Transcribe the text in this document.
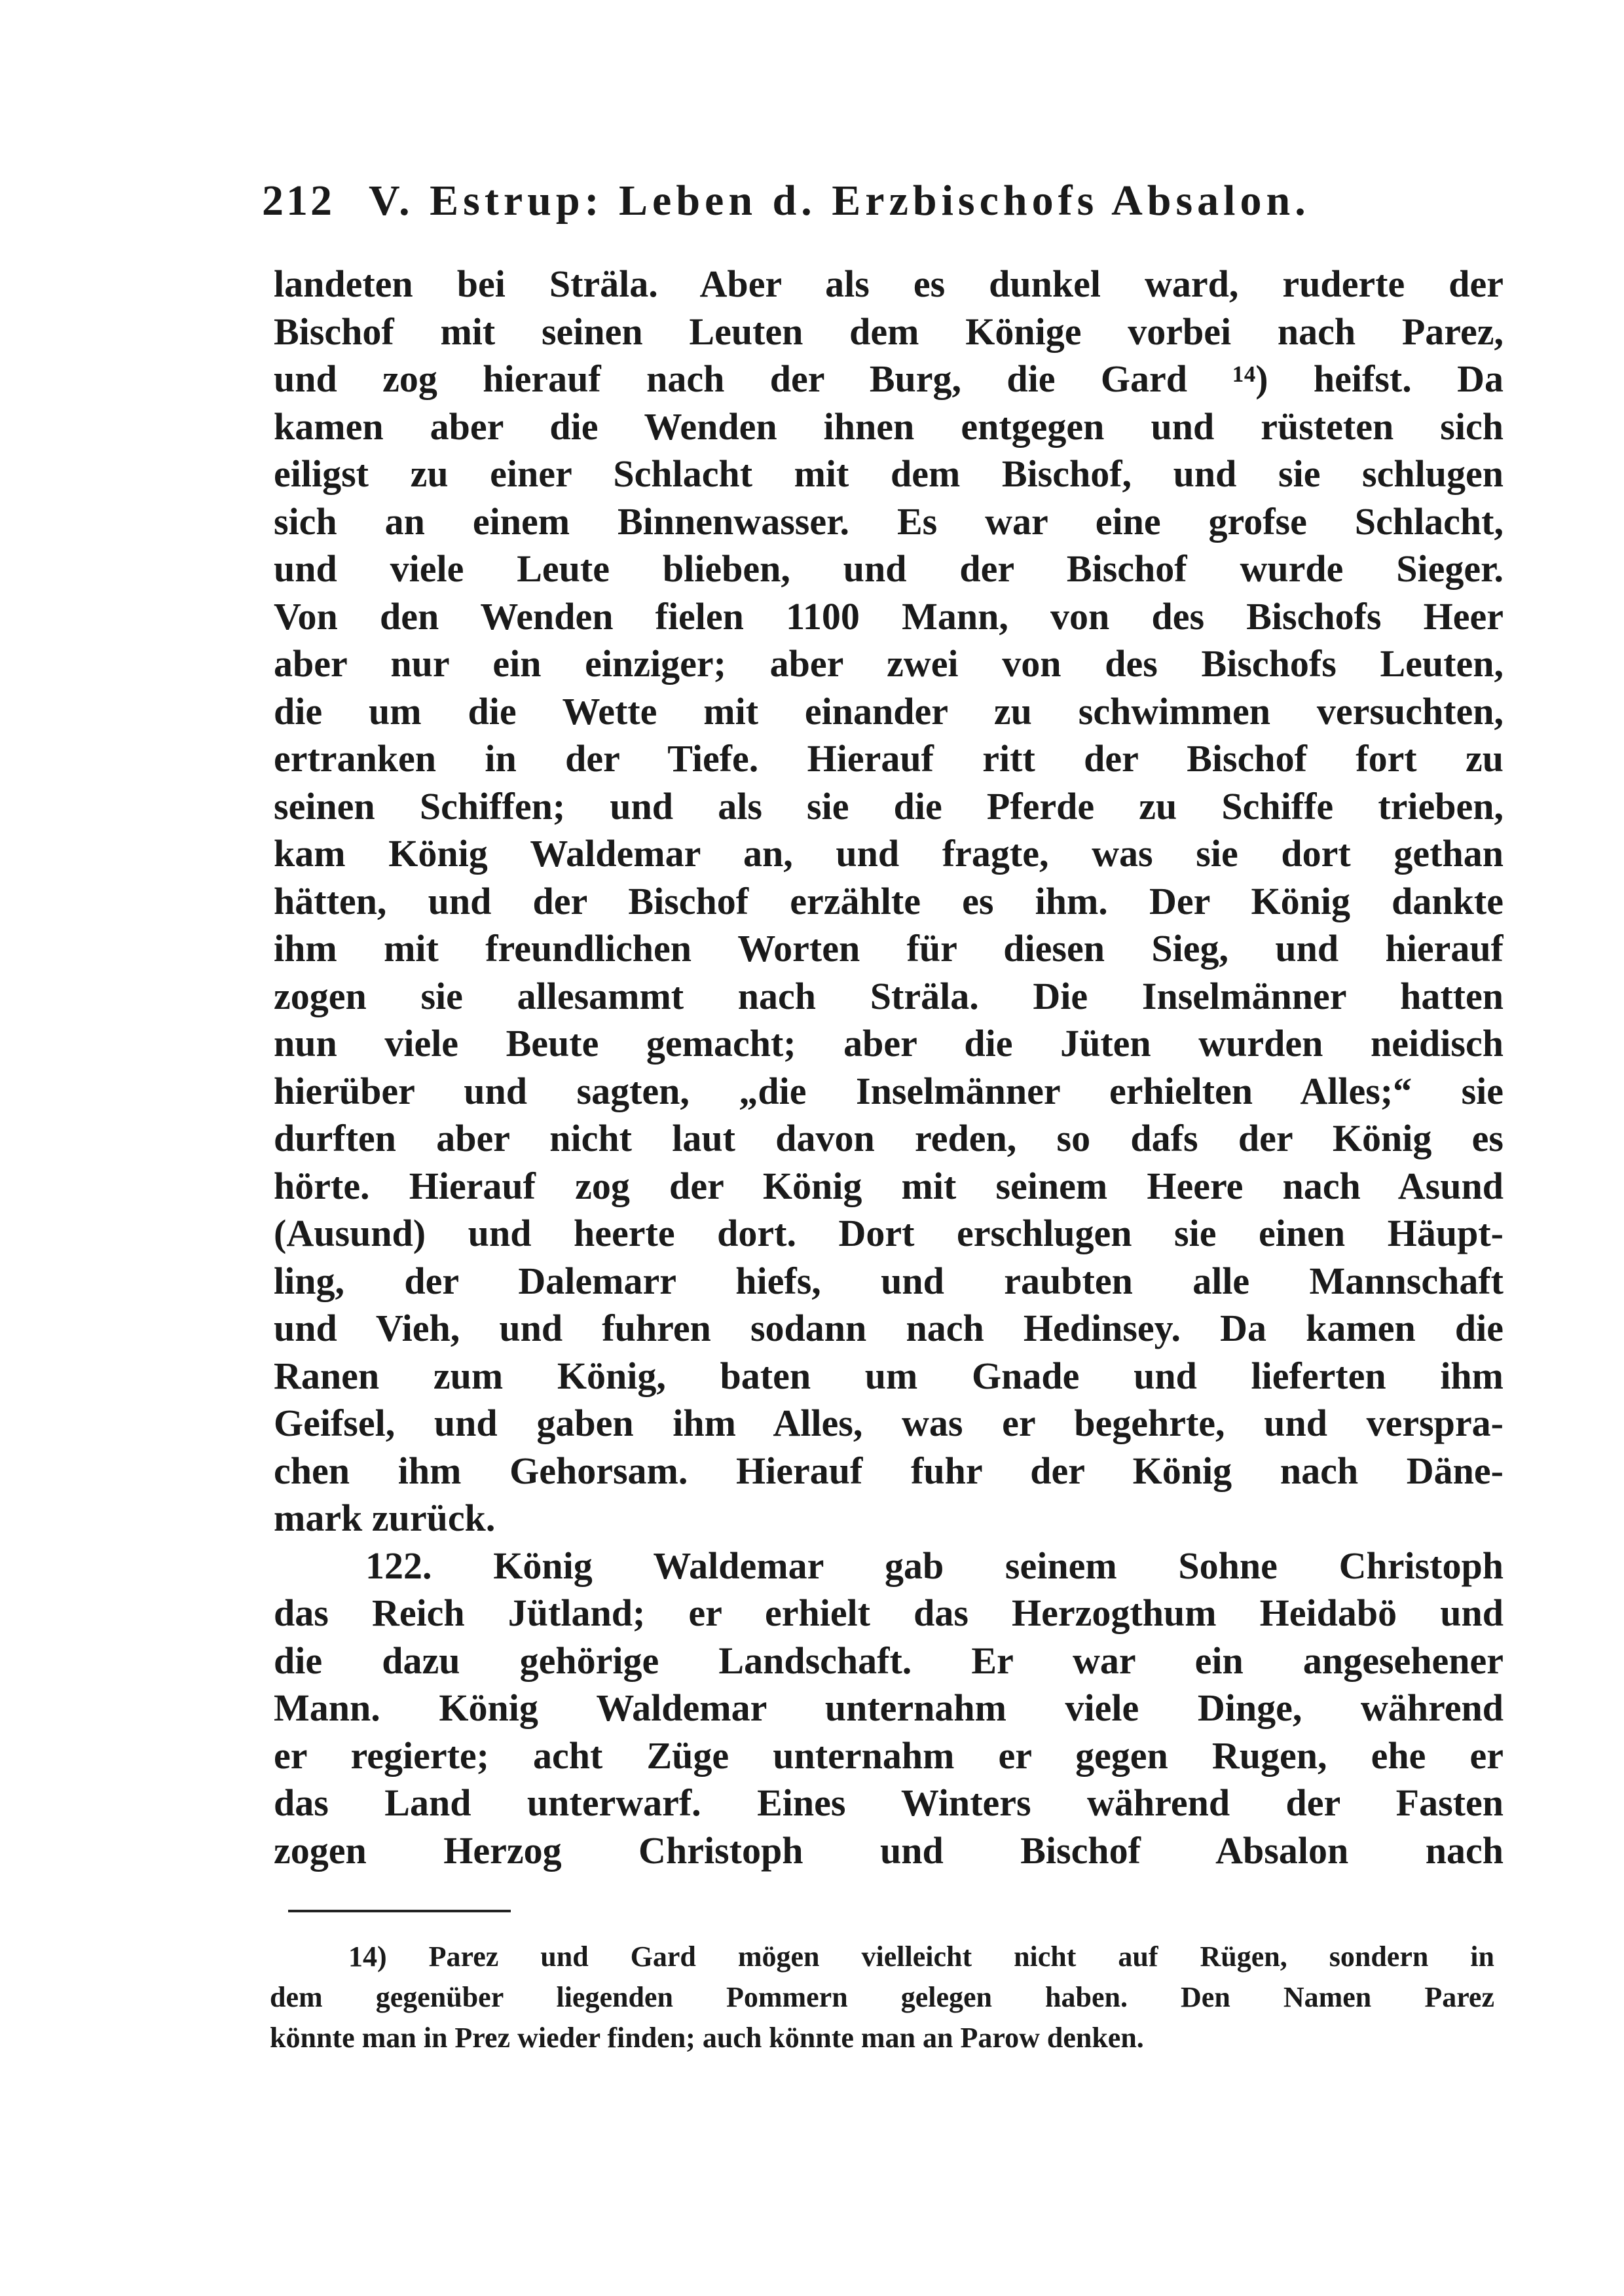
212 V. Estrup: Leben d. Erzbischofs Absalon.
landeten bei Sträla. Aber als es dunkel ward, ruderte der
Bischof mit seinen Leuten dem Könige vorbei nach Parez,
und zog hierauf nach der Burg, die Gard ¹⁴) heifst. Da
kamen aber die Wenden ihnen entgegen und rüsteten sich
eiligst zu einer Schlacht mit dem Bischof, und sie schlugen
sich an einem Binnenwasser. Es war eine grofse Schlacht,
und viele Leute blieben, und der Bischof wurde Sieger.
Von den Wenden fielen 1100 Mann, von des Bischofs Heer
aber nur ein einziger; aber zwei von des Bischofs Leuten,
die um die Wette mit einander zu schwimmen versuchten,
ertranken in der Tiefe. Hierauf ritt der Bischof fort zu
seinen Schiffen; und als sie die Pferde zu Schiffe trieben,
kam König Waldemar an, und fragte, was sie dort gethan
hätten, und der Bischof erzählte es ihm. Der König dankte
ihm mit freundlichen Worten für diesen Sieg, und hierauf
zogen sie allesammt nach Sträla. Die Inselmänner hatten
nun viele Beute gemacht; aber die Jüten wurden neidisch
hierüber und sagten, „die Inselmänner erhielten Alles;“ sie
durften aber nicht laut davon reden, so dafs der König es
hörte. Hierauf zog der König mit seinem Heere nach Asund
(Ausund) und heerte dort. Dort erschlugen sie einen Häupt-
ling, der Dalemarr hiefs, und raubten alle Mannschaft
und Vieh, und fuhren sodann nach Hedinsey. Da kamen die
Ranen zum König, baten um Gnade und lieferten ihm
Geifsel, und gaben ihm Alles, was er begehrte, und verspra-
chen ihm Gehorsam. Hierauf fuhr der König nach Däne-
mark zurück.
122. König Waldemar gab seinem Sohne Christoph
das Reich Jütland; er erhielt das Herzogthum Heidabö und
die dazu gehörige Landschaft. Er war ein angesehener
Mann. König Waldemar unternahm viele Dinge, während
er regierte; acht Züge unternahm er gegen Rugen, ehe er
das Land unterwarf. Eines Winters während der Fasten
zogen Herzog Christoph und Bischof Absalon nach
14) Parez und Gard mögen vielleicht nicht auf Rügen, sondern in
dem gegenüber liegenden Pommern gelegen haben. Den Namen Parez
könnte man in Prez wieder finden; auch könnte man an Parow denken.
